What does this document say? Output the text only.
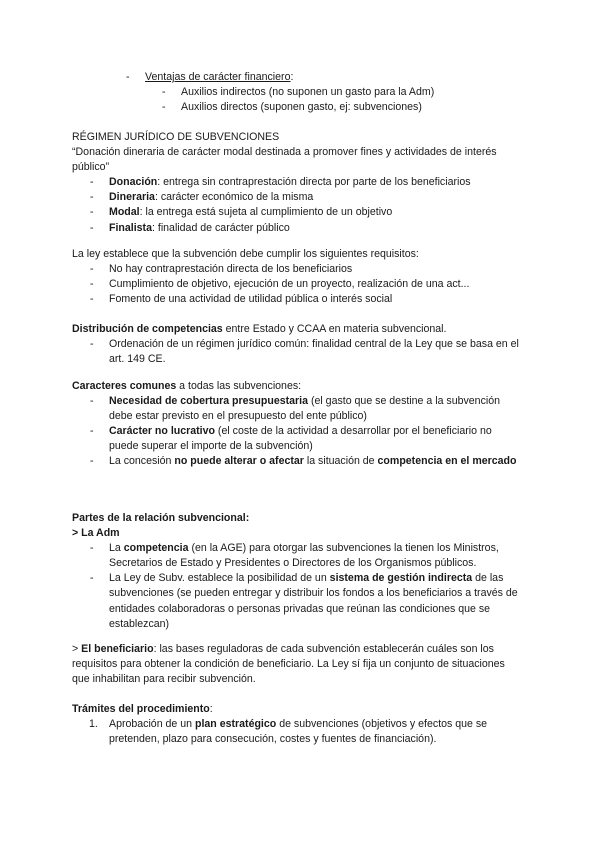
- Ventajas de carácter financiero:
- Auxilios indirectos (no suponen un gasto para la Adm)
- Auxilios directos (suponen gasto, ej: subvenciones)
RÉGIMEN JURÍDICO DE SUBVENCIONES
“Donación dineraria de carácter modal destinada a promover fines y actividades de interés público”
- Donación: entrega sin contraprestación directa por parte de los beneficiarios
- Dineraria: carácter económico de la misma
- Modal: la entrega está sujeta al cumplimiento de un objetivo
- Finalista: finalidad de carácter público
La ley establece que la subvención debe cumplir los siguientes requisitos:
- No hay contraprestación directa de los beneficiarios
- Cumplimiento de objetivo, ejecución de un proyecto, realización de una act...
- Fomento de una actividad de utilidad pública o interés social
Distribución de competencias entre Estado y CCAA en materia subvencional.
- Ordenación de un régimen jurídico común: finalidad central de la Ley que se basa en el art. 149 CE.
Caracteres comunes a todas las subvenciones:
- Necesidad de cobertura presupuestaria (el gasto que se destine a la subvención debe estar previsto en el presupuesto del ente público)
- Carácter no lucrativo (el coste de la actividad a desarrollar por el beneficiario no puede superar el importe de la subvención)
- La concesión no puede alterar o afectar la situación de competencia en el mercado
Partes de la relación subvencional:
> La Adm
- La competencia (en la AGE) para otorgar las subvenciones la tienen los Ministros, Secretarios de Estado y Presidentes o Directores de los Organismos públicos.
- La Ley de Subv. establece la posibilidad de un sistema de gestión indirecta de las subvenciones (se pueden entregar y distribuir los fondos a los beneficiarios a través de entidades colaboradoras o personas privadas que reúnan las condiciones que se establezcan)
> El beneficiario: las bases reguladoras de cada subvención establecerán cuáles son los requisitos para obtener la condición de beneficiario. La Ley sí fija un conjunto de situaciones que inhabilitan para recibir subvención.
Trámites del procedimiento:
1. Aprobación de un plan estratégico de subvenciones (objetivos y efectos que se pretenden, plazo para consecución, costes y fuentes de financiación).
